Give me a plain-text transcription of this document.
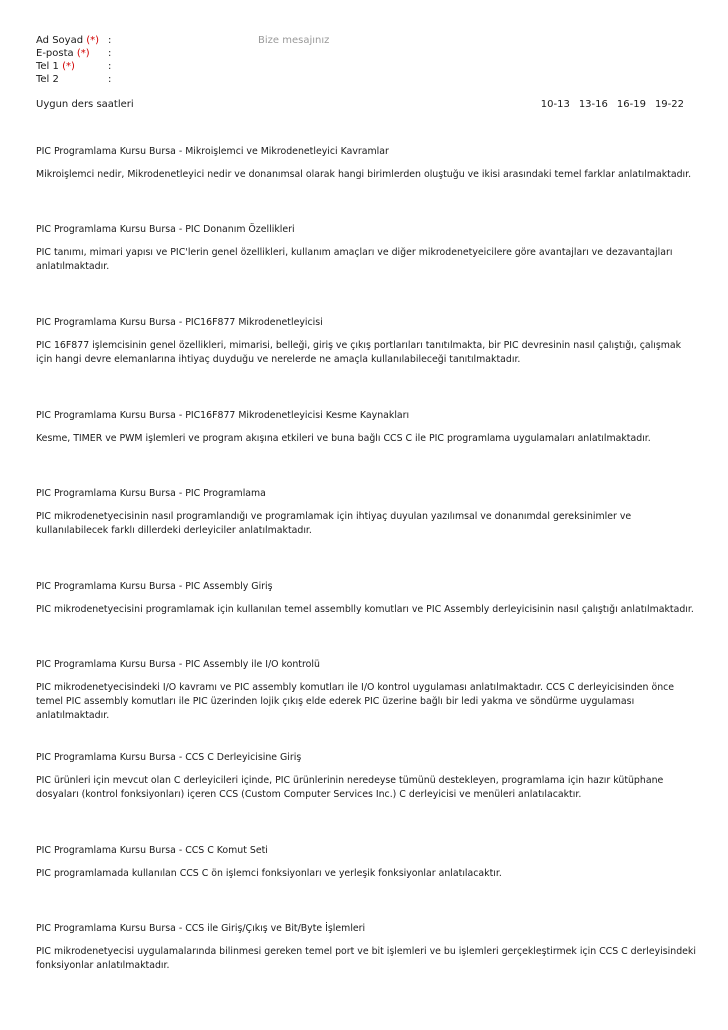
Ad Soyad (*) :
E-posta (*) :
Tel 1 (*)	:
Tel 2	:
Bize mesajınız
Uygun ders saatleri	10-13 13-16 16-19 19-22

PIC Programlama Kursu Bursa - Mikroişlemci ve Mikrodenetleyici Kavramlar

Mikroişlemci nedir, Mikrodenetleyici nedir ve donanımsal olarak hangi birimlerden oluştuğu ve ikisi arasındaki temel farklar anlatılmaktadır.

PIC Programlama Kursu Bursa - PIC Donanım Özellikleri

PIC tanımı, mimari yapısı ve PIC'lerin genel özellikleri, kullanım amaçları ve diğer mikrodenetyeicilere göre avantajları ve dezavantajları anlatılmaktadır.

PIC Programlama Kursu Bursa - PIC16F877 Mikrodenetleyicisi

PIC 16F877 işlemcisinin genel özellikleri, mimarisi, belleği, giriş ve çıkış portlarıları tanıtılmakta, bir PIC devresinin nasıl çalıştığı, çalışmak için hangi devre elemanlarına ihtiyaç duyduğu ve nerelerde ne amaçla kullanılabileceği tanıtılmaktadır.

PIC Programlama Kursu Bursa - PIC16F877 Mikrodenetleyicisi Kesme Kaynakları

Kesme, TIMER ve PWM işlemleri ve program akışına etkileri ve buna bağlı CCS C ile PIC programlama uygulamaları anlatılmaktadır.

PIC Programlama Kursu Bursa - PIC Programlama

PIC mikrodenetyecisinin nasıl programlandığı ve programlamak için ihtiyaç duyulan yazılımsal ve donanımdal gereksinimler ve kullanılabilecek farklı dillerdeki derleyiciler anlatılmaktadır.

PIC Programlama Kursu Bursa - PIC Assembly Giriş

PIC mikrodenetyecisini programlamak için kullanılan temel assemblly komutları ve PIC Assembly derleyicisinin nasıl çalıştığı anlatılmaktadır.

PIC Programlama Kursu Bursa - PIC Assembly ile I/O kontrolü

PIC mikrodenetyecisindeki I/O kavramı ve PIC assembly komutları ile I/O kontrol uygulaması anlatılmaktadır. CCS C derleyicisinden önce temel PIC assembly komutları ile PIC üzerinden lojik çıkış elde ederek PIC üzerine bağlı bir ledi yakma ve söndürme uygulaması anlatılmaktadır.

PIC Programlama Kursu Bursa - CCS C Derleyicisine Giriş

PIC ürünleri için mevcut olan C derleyicileri içinde, PIC ürünlerinin neredeyse tümünü destekleyen, programlama için hazır kütüphane dosyaları (kontrol fonksiyonları) içeren CCS (Custom Computer Services Inc.) C derleyicisi ve menüleri anlatılacaktır.

PIC Programlama Kursu Bursa - CCS C Komut Seti

PIC programlamada kullanılan CCS C ön işlemci fonksiyonları ve yerleşik fonksiyonlar anlatılacaktır.

PIC Programlama Kursu Bursa - CCS ile Giriş/Çıkış ve Bit/Byte İşlemleri

PIC mikrodenetyecisi uygulamalarında bilinmesi gereken temel port ve bit işlemleri ve bu işlemleri gerçekleştirmek için CCS C derleyisindeki fonksiyonlar anlatılmaktadır.
